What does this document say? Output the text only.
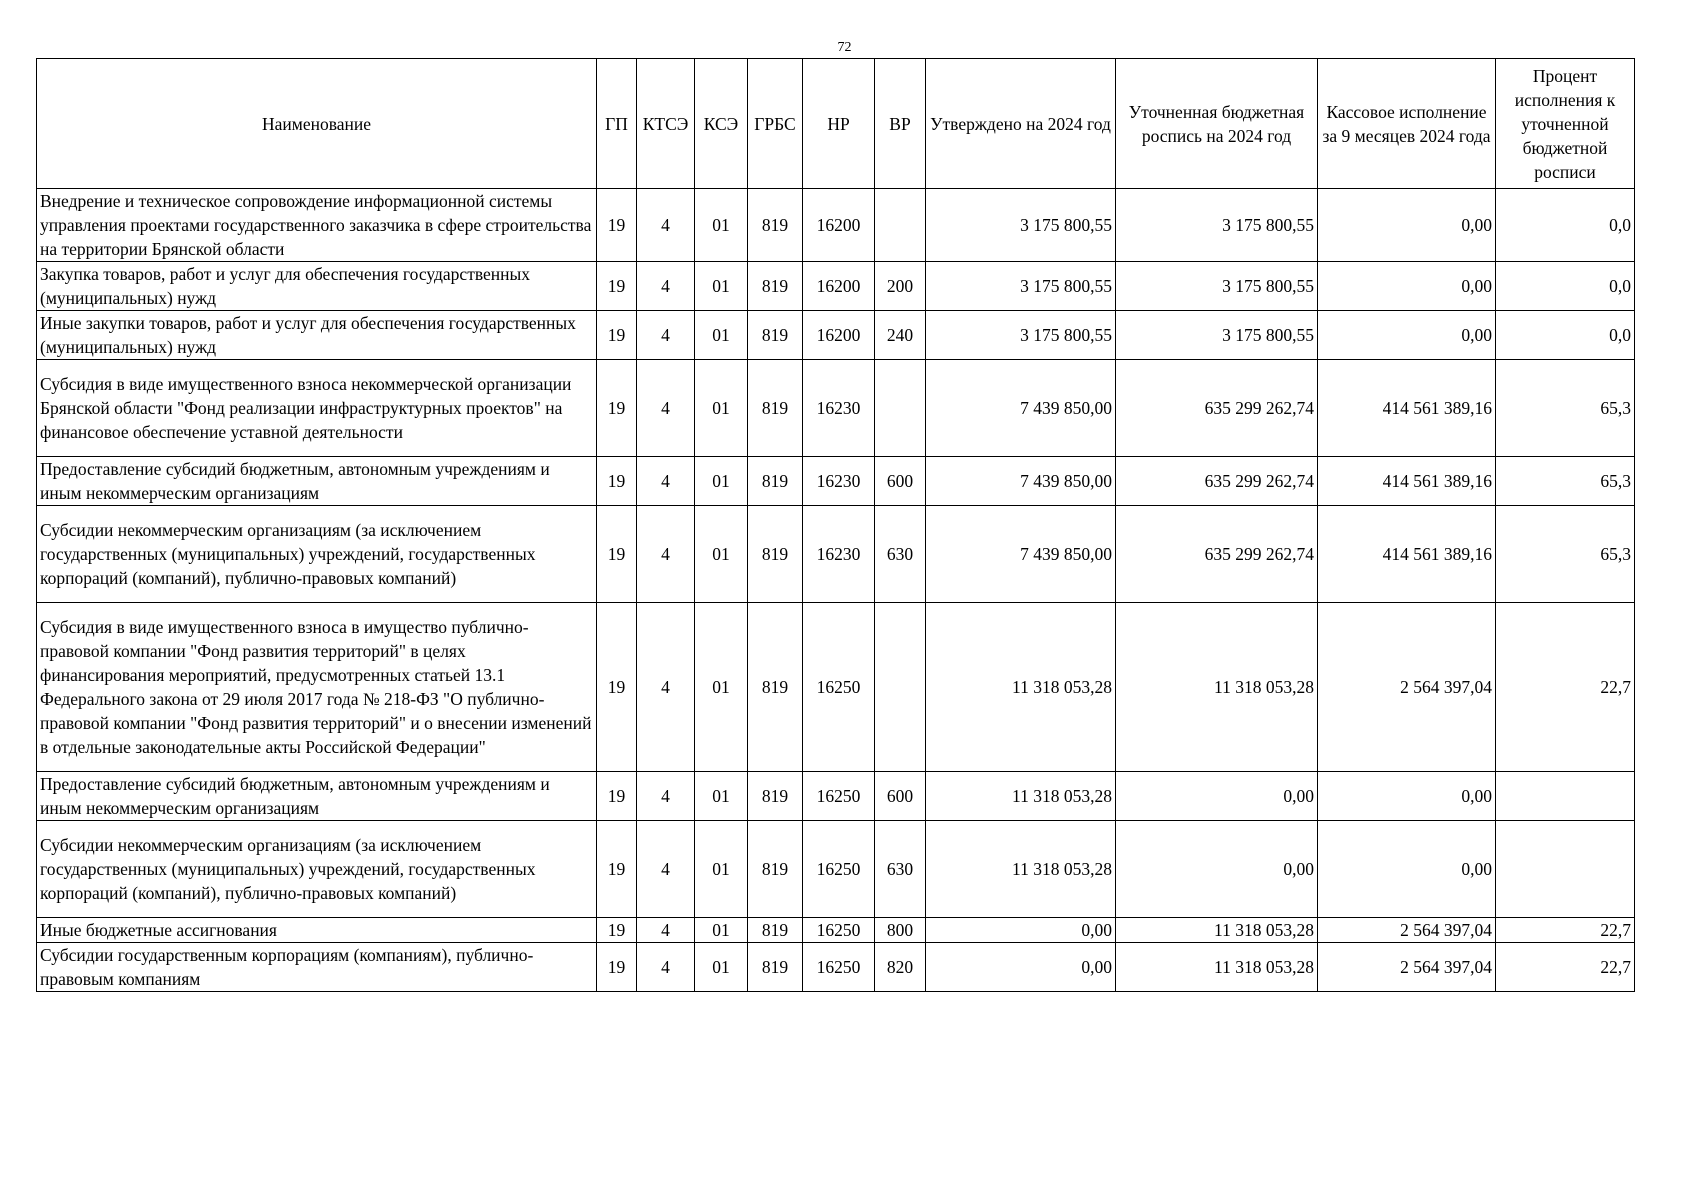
72
Наименование	ГП	КТСЭ	КСЭ	ГРБС	НР	ВР	Утверждено на 2024 год	Уточненная бюджетная роспись на 2024 год	Кассовое исполнение за 9 месяцев 2024 года	Процент исполнения к уточненной бюджетной росписи
Внедрение и техническое сопровождение информационной системы управления проектами государственного заказчика в сфере строительства на территории Брянской области	19	4	01	819	16200		3 175 800,55	3 175 800,55	0,00	0,0
Закупка товаров, работ и услуг для обеспечения государственных (муниципальных) нужд	19	4	01	819	16200	200	3 175 800,55	3 175 800,55	0,00	0,0
Иные закупки товаров, работ и услуг для обеспечения государственных (муниципальных) нужд	19	4	01	819	16200	240	3 175 800,55	3 175 800,55	0,00	0,0
Субсидия в виде имущественного взноса некоммерческой организации Брянской области "Фонд реализации инфраструктурных проектов" на финансовое обеспечение уставной деятельности	19	4	01	819	16230		7 439 850,00	635 299 262,74	414 561 389,16	65,3
Предоставление субсидий бюджетным, автономным учреждениям и иным некоммерческим организациям	19	4	01	819	16230	600	7 439 850,00	635 299 262,74	414 561 389,16	65,3
Субсидии некоммерческим организациям (за исключением государственных (муниципальных) учреждений, государственных корпораций (компаний), публично-правовых компаний)	19	4	01	819	16230	630	7 439 850,00	635 299 262,74	414 561 389,16	65,3
Субсидия в виде имущественного взноса в имущество публично-правовой компании "Фонд развития территорий" в целях финансирования мероприятий, предусмотренных статьей 13.1 Федерального закона от 29 июля 2017 года № 218-ФЗ "О публично-правовой компании "Фонд развития территорий" и о внесении изменений в отдельные законодательные акты Российской Федерации"	19	4	01	819	16250		11 318 053,28	11 318 053,28	2 564 397,04	22,7
Предоставление субсидий бюджетным, автономным учреждениям и иным некоммерческим организациям	19	4	01	819	16250	600	11 318 053,28	0,00	0,00	
Субсидии некоммерческим организациям (за исключением государственных (муниципальных) учреждений, государственных корпораций (компаний), публично-правовых компаний)	19	4	01	819	16250	630	11 318 053,28	0,00	0,00	
Иные бюджетные ассигнования	19	4	01	819	16250	800	0,00	11 318 053,28	2 564 397,04	22,7
Субсидии государственным корпорациям (компаниям), публично-правовым компаниям	19	4	01	819	16250	820	0,00	11 318 053,28	2 564 397,04	22,7
